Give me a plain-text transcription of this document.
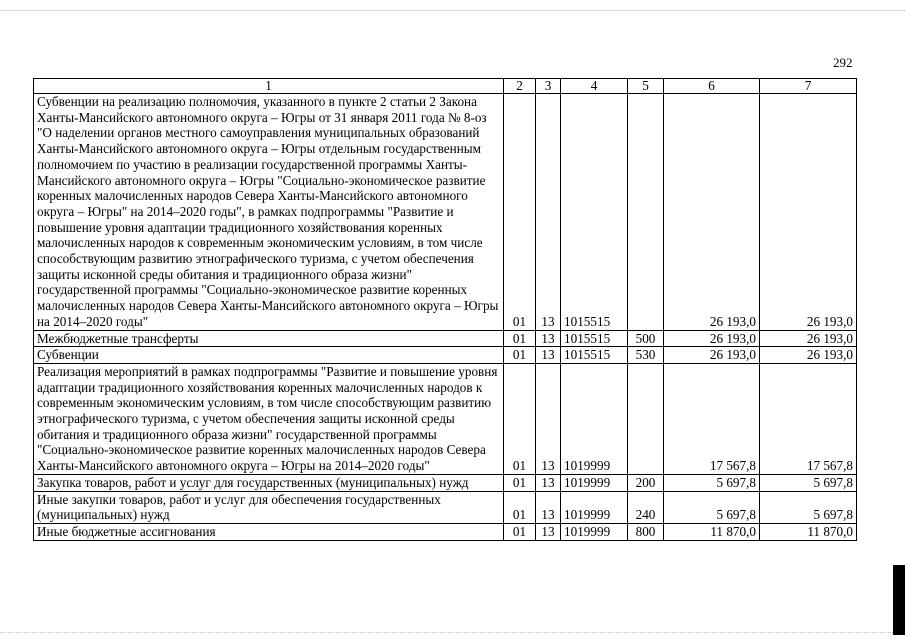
292
1	2	3	4	5	6	7
Субвенции на реализацию полномочия, указанного в пункте 2 статьи 2 Закона Ханты-Мансийского автономного округа – Югры от 31 января 2011 года № 8-оз "О наделении органов местного самоуправления муниципальных образований Ханты-Мансийского автономного округа – Югры отдельным государственным полномочием по участию в реализации государственной программы Ханты-Мансийского автономного округа – Югры "Социально-экономическое развитие коренных малочисленных народов Севера Ханты-Мансийского автономного округа – Югры" на 2014–2020 годы", в рамках подпрограммы "Развитие и повышение уровня адаптации традиционного хозяйствования коренных малочисленных народов к современным экономическим условиям, в том числе способствующим развитию этнографического туризма, с учетом обеспечения защиты исконной среды обитания и традиционного образа жизни" государственной программы "Социально-экономическое развитие коренных малочисленных народов Севера Ханты-Мансийского автономного округа – Югры на 2014–2020 годы"	01	13	1015515		26 193,0	26 193,0
Межбюджетные трансферты	01	13	1015515	500	26 193,0	26 193,0
Субвенции	01	13	1015515	530	26 193,0	26 193,0
Реализация мероприятий в рамках подпрограммы "Развитие и повышение уровня адаптации традиционного хозяйствования коренных малочисленных народов к современным экономическим условиям, в том числе способствующим развитию этнографического туризма, с учетом обеспечения защиты исконной среды обитания и традиционного образа жизни" государственной программы "Социально-экономическое развитие коренных малочисленных народов Севера Ханты-Мансийского автономного округа – Югры на 2014–2020 годы"	01	13	1019999		17 567,8	17 567,8
Закупка товаров, работ и услуг для государственных (муниципальных) нужд	01	13	1019999	200	5 697,8	5 697,8
Иные закупки товаров, работ и услуг для обеспечения государственных (муниципальных) нужд	01	13	1019999	240	5 697,8	5 697,8
Иные бюджетные ассигнования	01	13	1019999	800	11 870,0	11 870,0
